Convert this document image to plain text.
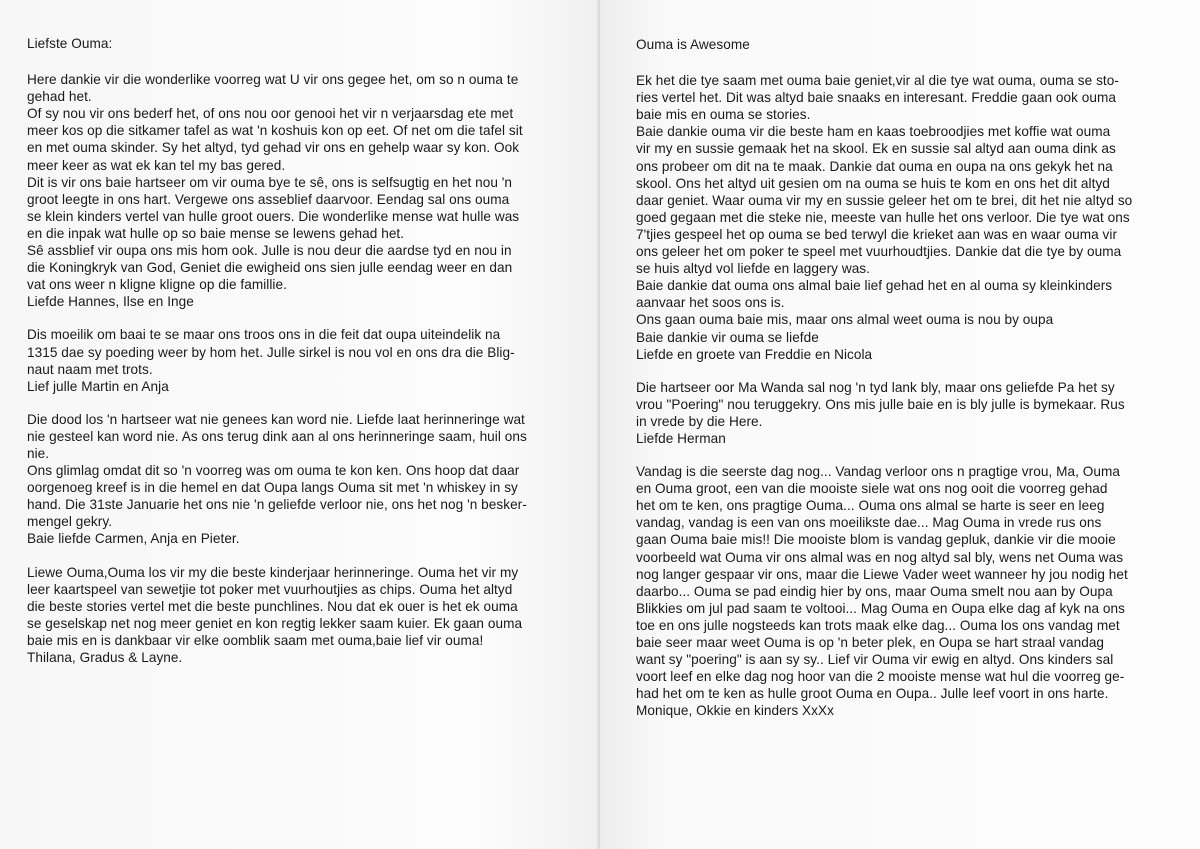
Liefste Ouma:
Here dankie vir die wonderlike voorreg wat U vir ons gegee het, om so n ouma te
gehad het.
Of sy nou vir ons bederf het, of ons nou oor genooi het vir n verjaarsdag ete met
meer kos op die sitkamer tafel as wat 'n koshuis kon op eet. Of net om die tafel sit
en met ouma skinder. Sy het altyd, tyd gehad vir ons en gehelp waar sy kon. Ook
meer keer as wat ek kan tel my bas gered.
Dit is vir ons baie hartseer om vir ouma bye te sê, ons is selfsugtig en het nou 'n
groot leegte in ons hart. Vergewe ons asseblief daarvoor. Eendag sal ons ouma
se klein kinders vertel van hulle groot ouers. Die wonderlike mense wat hulle was
en die inpak wat hulle op so baie mense se lewens gehad het.
Sê assblief vir oupa ons mis hom ook. Julle is nou deur die aardse tyd en nou in
die Koningkryk van God, Geniet die ewigheid ons sien julle eendag weer en dan
vat ons weer n kligne kligne op die famillie.
Liefde Hannes, Ilse en Inge
Dis moeilik om baai te se maar ons troos ons in die feit dat oupa uiteindelik na
1315 dae sy poeding weer by hom het. Julle sirkel is nou vol en ons dra die Blig-
naut naam met trots.
Lief julle Martin en Anja
Die dood los 'n hartseer wat nie genees kan word nie. Liefde laat herinneringe wat
nie gesteel kan word nie. As ons terug dink aan al ons herinneringe saam, huil ons
nie.
Ons glimlag omdat dit so 'n voorreg was om ouma te kon ken. Ons hoop dat daar
oorgenoeg kreef is in die hemel en dat Oupa langs Ouma sit met 'n whiskey in sy
hand. Die 31ste Januarie het ons nie 'n geliefde verloor nie, ons het nog 'n besker-
mengel gekry.
Baie liefde Carmen, Anja en Pieter.
Liewe Ouma,Ouma los vir my die beste kinderjaar herinneringe. Ouma het vir my
leer kaartspeel van sewetjie tot poker met vuurhoutjies as chips. Ouma het altyd
die beste stories vertel met die beste punchlines. Nou dat ek ouer is het ek ouma
se geselskap net nog meer geniet en kon regtig lekker saam kuier. Ek gaan ouma
baie mis en is dankbaar vir elke oomblik saam met ouma,baie lief vir ouma!
Thilana, Gradus & Layne.
Ouma is Awesome
Ek het die tye saam met ouma baie geniet,vir al die tye wat ouma, ouma se sto-
ries vertel het. Dit was altyd baie snaaks en interesant. Freddie gaan ook ouma
baie mis en ouma se stories.
Baie dankie ouma vir die beste ham en kaas toebroodjies met koffie wat ouma
vir my en sussie gemaak het na skool. Ek en sussie sal altyd aan ouma dink as
ons probeer om dit na te maak. Dankie dat ouma en oupa na ons gekyk het na
skool. Ons het altyd uit gesien om na ouma se huis te kom en ons het dit altyd
daar geniet. Waar ouma vir my en sussie geleer het om te brei, dit het nie altyd so
goed gegaan met die steke nie, meeste van hulle het ons verloor. Die tye wat ons
7'tjies gespeel het op ouma se bed terwyl die krieket aan was en waar ouma vir
ons geleer het om poker te speel met vuurhoudtjies. Dankie dat die tye by ouma
se huis altyd vol liefde en laggery was.
Baie dankie dat ouma ons almal baie lief gehad het en al ouma sy kleinkinders
aanvaar het soos ons is.
Ons gaan ouma baie mis, maar ons almal weet ouma is nou by oupa
Baie dankie vir ouma se liefde
Liefde en groete van Freddie en Nicola
Die hartseer oor Ma Wanda sal nog 'n tyd lank bly, maar ons geliefde Pa het sy
vrou "Poering" nou teruggekry. Ons mis julle baie en is bly julle is bymekaar. Rus
in vrede by die Here.
Liefde Herman
Vandag is die seerste dag nog... Vandag verloor ons n pragtige vrou, Ma, Ouma
en Ouma groot, een van die mooiste siele wat ons nog ooit die voorreg gehad
het om te ken, ons pragtige Ouma... Ouma ons almal se harte is seer en leeg
vandag, vandag is een van ons moeilikste dae... Mag Ouma in vrede rus ons
gaan Ouma baie mis!! Die mooiste blom is vandag gepluk, dankie vir die mooie
voorbeeld wat Ouma vir ons almal was en nog altyd sal bly, wens net Ouma was
nog langer gespaar vir ons, maar die Liewe Vader weet wanneer hy jou nodig het
daarbo... Ouma se pad eindig hier by ons, maar Ouma smelt nou aan by Oupa
Blikkies om jul pad saam te voltooi... Mag Ouma en Oupa elke dag af kyk na ons
toe en ons julle nogsteeds kan trots maak elke dag... Ouma los ons vandag met
baie seer maar weet Ouma is op 'n beter plek, en Oupa se hart straal vandag
want sy "poering" is aan sy sy.. Lief vir Ouma vir ewig en altyd. Ons kinders sal
voort leef en elke dag nog hoor van die 2 mooiste mense wat hul die voorreg ge-
had het om te ken as hulle groot Ouma en Oupa.. Julle leef voort in ons harte.
Monique, Okkie en kinders XxXx
